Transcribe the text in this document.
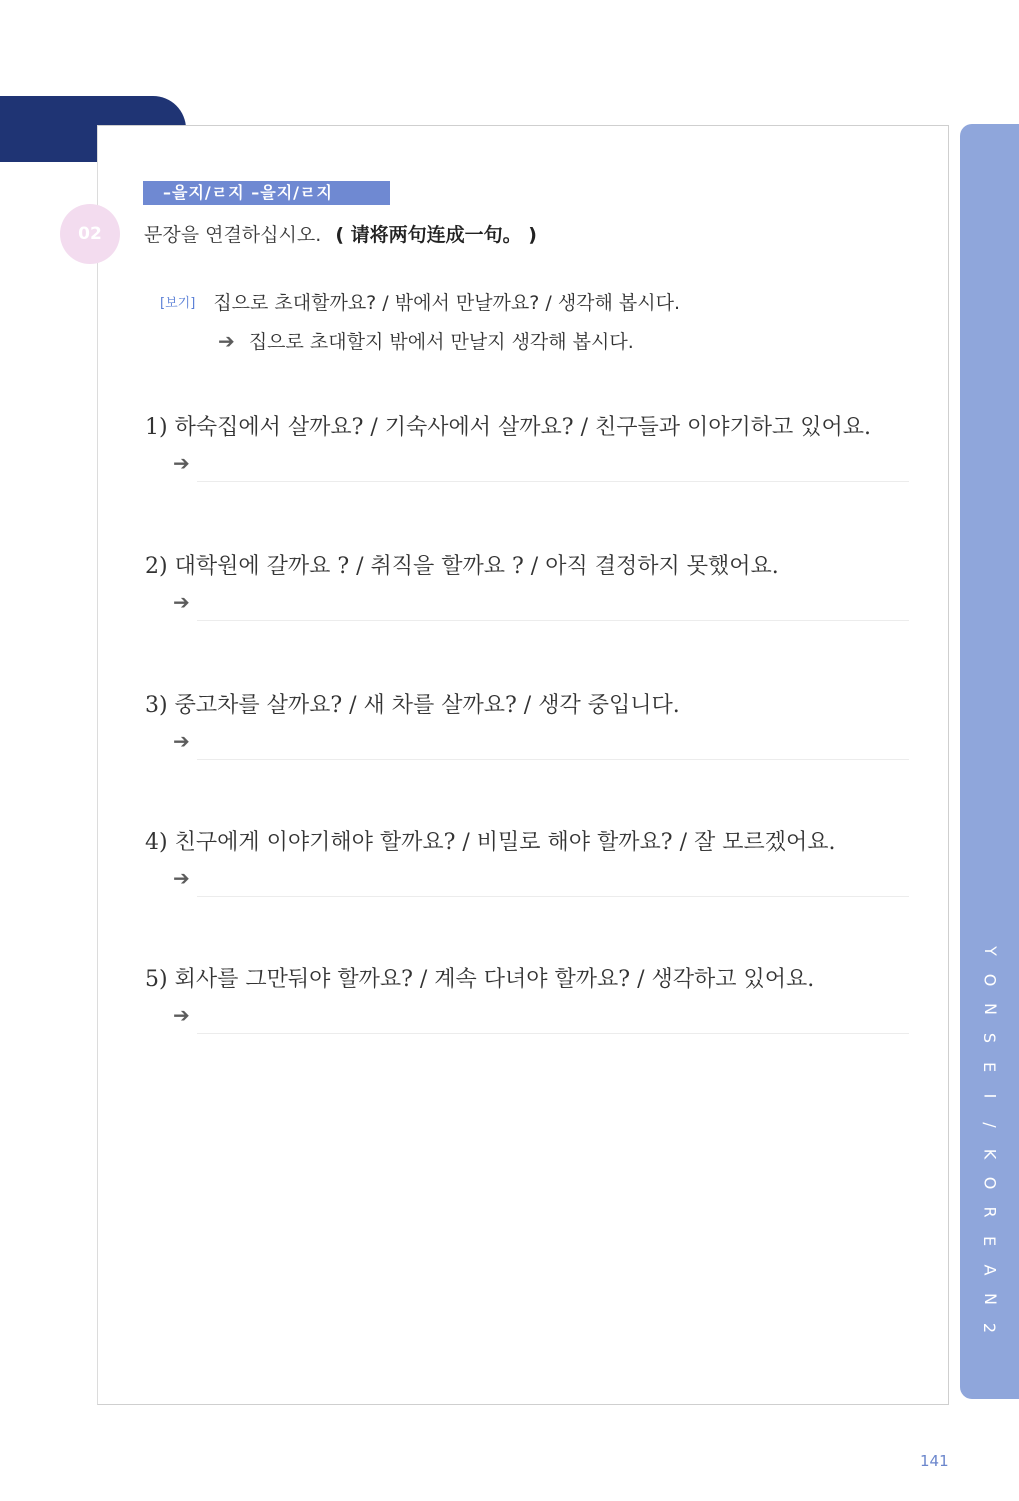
Y
O
N
S
E
I
/
K
O
R
E
A
N
2
–을지/ㄹ지 –을지/ㄹ지
02	문장을 연결하십시오. ( 请将两句连成一句。 )
[보기] 집으로 초대할까요? / 밖에서 만날까요? / 생각해 봅시다.
➔ 집으로 초대할지 밖에서 만날지 생각해 봅시다.
1) 하숙집에서 살까요? / 기숙사에서 살까요? / 친구들과 이야기하고 있어요.
➔
2) 대학원에 갈까요 ? / 취직을 할까요 ? / 아직 결정하지 못했어요.
➔
3) 중고차를 살까요? / 새 차를 살까요? / 생각 중입니다.
➔
4) 친구에게 이야기해야 할까요? / 비밀로 해야 할까요? / 잘 모르겠어요.
➔
5) 회사를 그만둬야 할까요? / 계속 다녀야 할까요? / 생각하고 있어요.
➔
141
